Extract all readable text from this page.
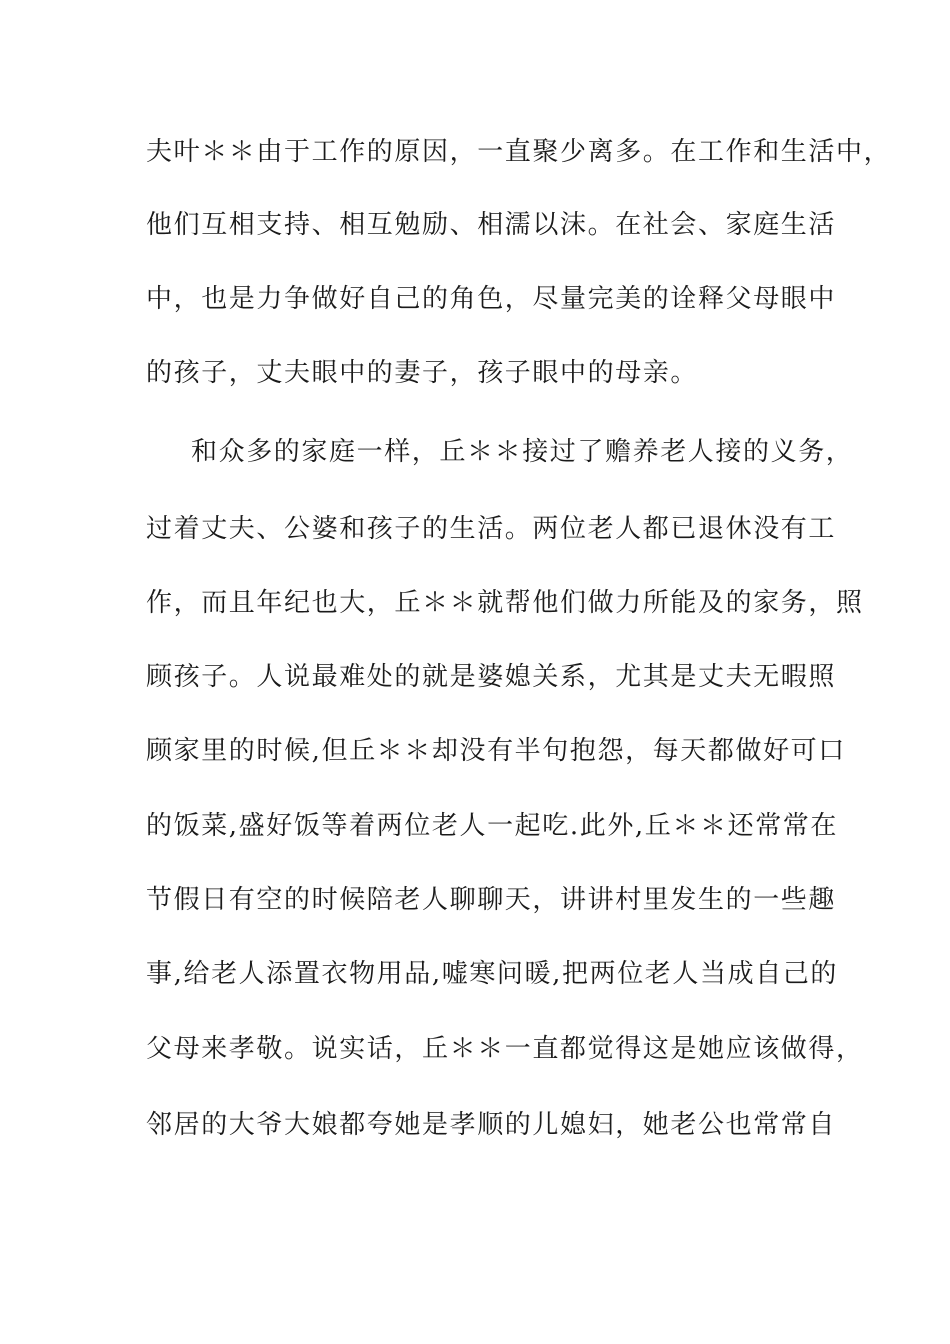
夫叶＊＊由于工作的原因，一直聚少离多。在工作和生活中，
他们互相支持、相互勉励、相濡以沫。在社会、家庭生活
中，也是力争做好自己的角色，尽量完美的诠释父母眼中
的孩子，丈夫眼中的妻子，孩子眼中的母亲。
和众多的家庭一样，丘＊＊接过了赡养老人接的义务，
过着丈夫、公婆和孩子的生活。两位老人都已退休没有工
作，而且年纪也大，丘＊＊就帮他们做力所能及的家务，照
顾孩子。人说最难处的就是婆媳关系，尤其是丈夫无暇照
顾家里的时候,但丘＊＊却没有半句抱怨，每天都做好可口
的饭菜,盛好饭等着两位老人一起吃.此外,丘＊＊还常常在
节假日有空的时候陪老人聊聊天，讲讲村里发生的一些趣
事,给老人添置衣物用品,嘘寒问暖,把两位老人当成自己的
父母来孝敬。说实话，丘＊＊一直都觉得这是她应该做得，
邻居的大爷大娘都夸她是孝顺的儿媳妇，她老公也常常自
